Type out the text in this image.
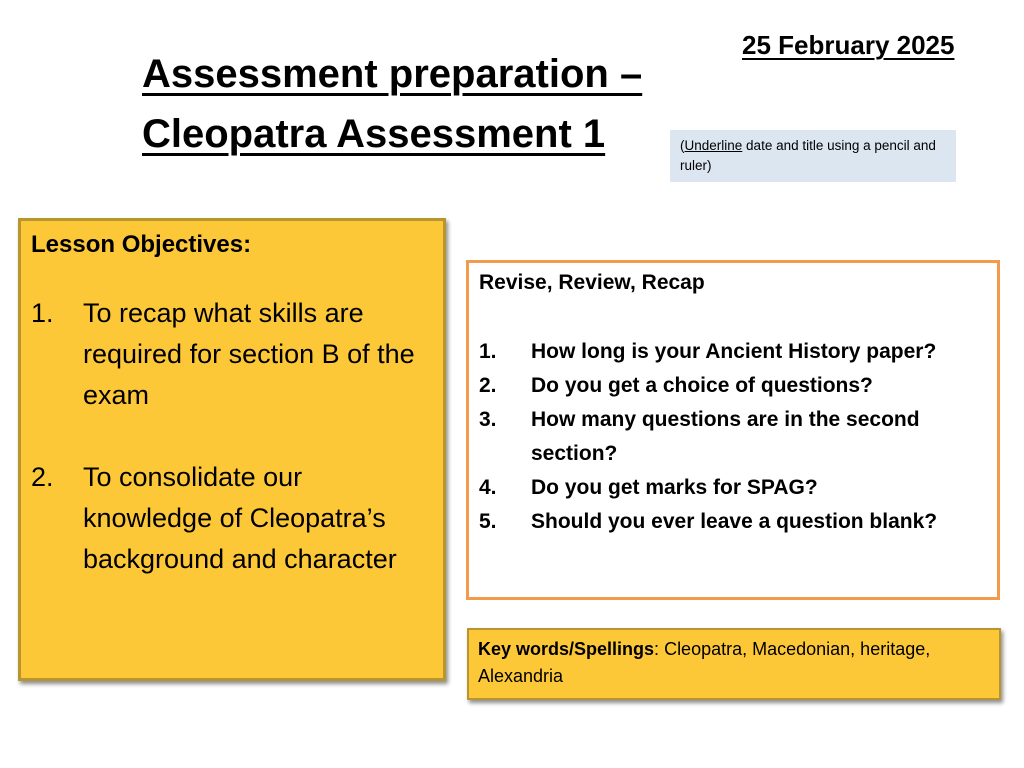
Assessment preparation –
Cleopatra Assessment 1
25 February 2025
(Underline date and title using a pencil and ruler)
Lesson Objectives:
1.	To recap what skills are required for section B of the exam
2.	To consolidate our knowledge of Cleopatra’s background and character
Revise, Review, Recap
1.	How long is your Ancient History paper?
2.	Do you get a choice of questions?
3.	How many questions are in the second section?
4.	Do you get marks for SPAG?
5.	Should you ever leave a question blank?
Key words/Spellings: Cleopatra, Macedonian, heritage, Alexandria
